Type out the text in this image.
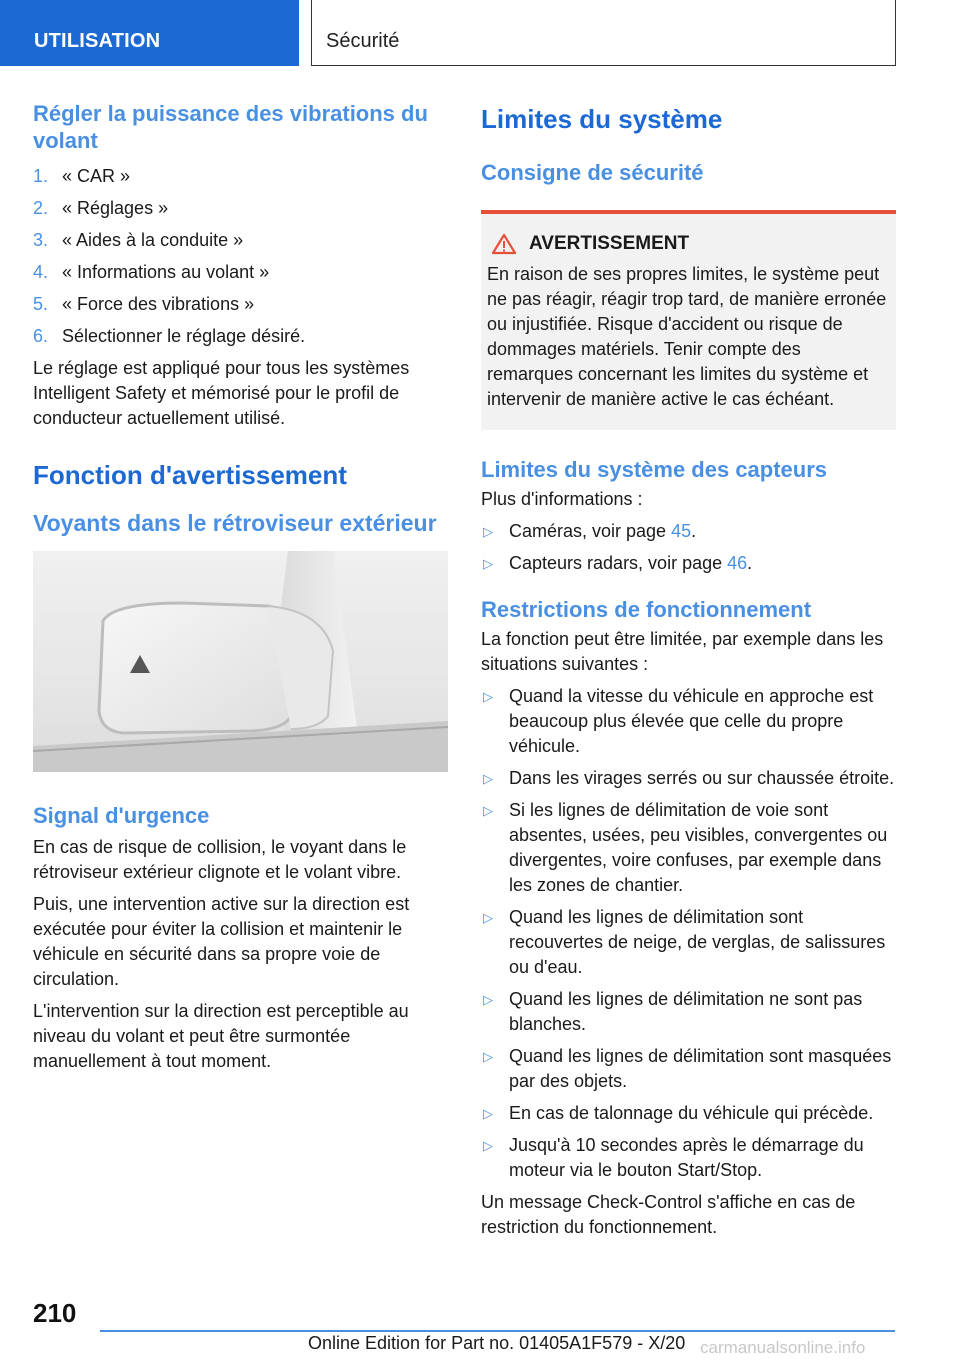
UTILISATION	Sécurité
Régler la puissance des vibrations du volant
1. « CAR »
2. « Réglages »
3. « Aides à la conduite »
4. « Informations au volant »
5. « Force des vibrations »
6. Sélectionner le réglage désiré.

Le réglage est appliqué pour tous les systèmes Intelligent Safety et mémorisé pour le profil de conducteur actuellement utilisé.

Fonction d'avertissement
Voyants dans le rétroviseur extérieur
Signal d'urgence

En cas de risque de collision, le voyant dans le rétroviseur extérieur clignote et le volant vibre.

Puis, une intervention active sur la direction est exécutée pour éviter la collision et maintenir le véhicule en sécurité dans sa propre voie de circulation.

L'intervention sur la direction est perceptible au niveau du volant et peut être surmontée manuellement à tout moment.

Limites du système
Consigne de sécurité
AVERTISSEMENT

En raison de ses propres limites, le système peut ne pas réagir, réagir trop tard, de manière erronée ou injustifiée. Risque d'accident ou risque de dommages matériels. Tenir compte des remarques concernant les limites du système et intervenir de manière active le cas échéant.

Limites du système des capteurs

Plus d'informations :

▷ Caméras, voir page 45.
▷ Capteurs radars, voir page 46.
Restrictions de fonctionnement

La fonction peut être limitée, par exemple dans les situations suivantes :

▷ Quand la vitesse du véhicule en approche est beaucoup plus élevée que celle du propre véhicule.
▷ Dans les virages serrés ou sur chaussée étroite.
▷ Si les lignes de délimitation de voie sont absentes, usées, peu visibles, convergentes ou divergentes, voire confuses, par exemple dans les zones de chantier.
▷ Quand les lignes de délimitation sont recouvertes de neige, de verglas, de salissures ou d'eau.
▷ Quand les lignes de délimitation ne sont pas blanches.
▷ Quand les lignes de délimitation sont masquées par des objets.
▷ En cas de talonnage du véhicule qui précède.
▷ Jusqu'à 10 secondes après le démarrage du moteur via le bouton Start/Stop.

Un message Check-Control s'affiche en cas de restriction du fonctionnement.

210
Online Edition for Part no. 01405A1F579 - X/20 carmanualsonline.info
